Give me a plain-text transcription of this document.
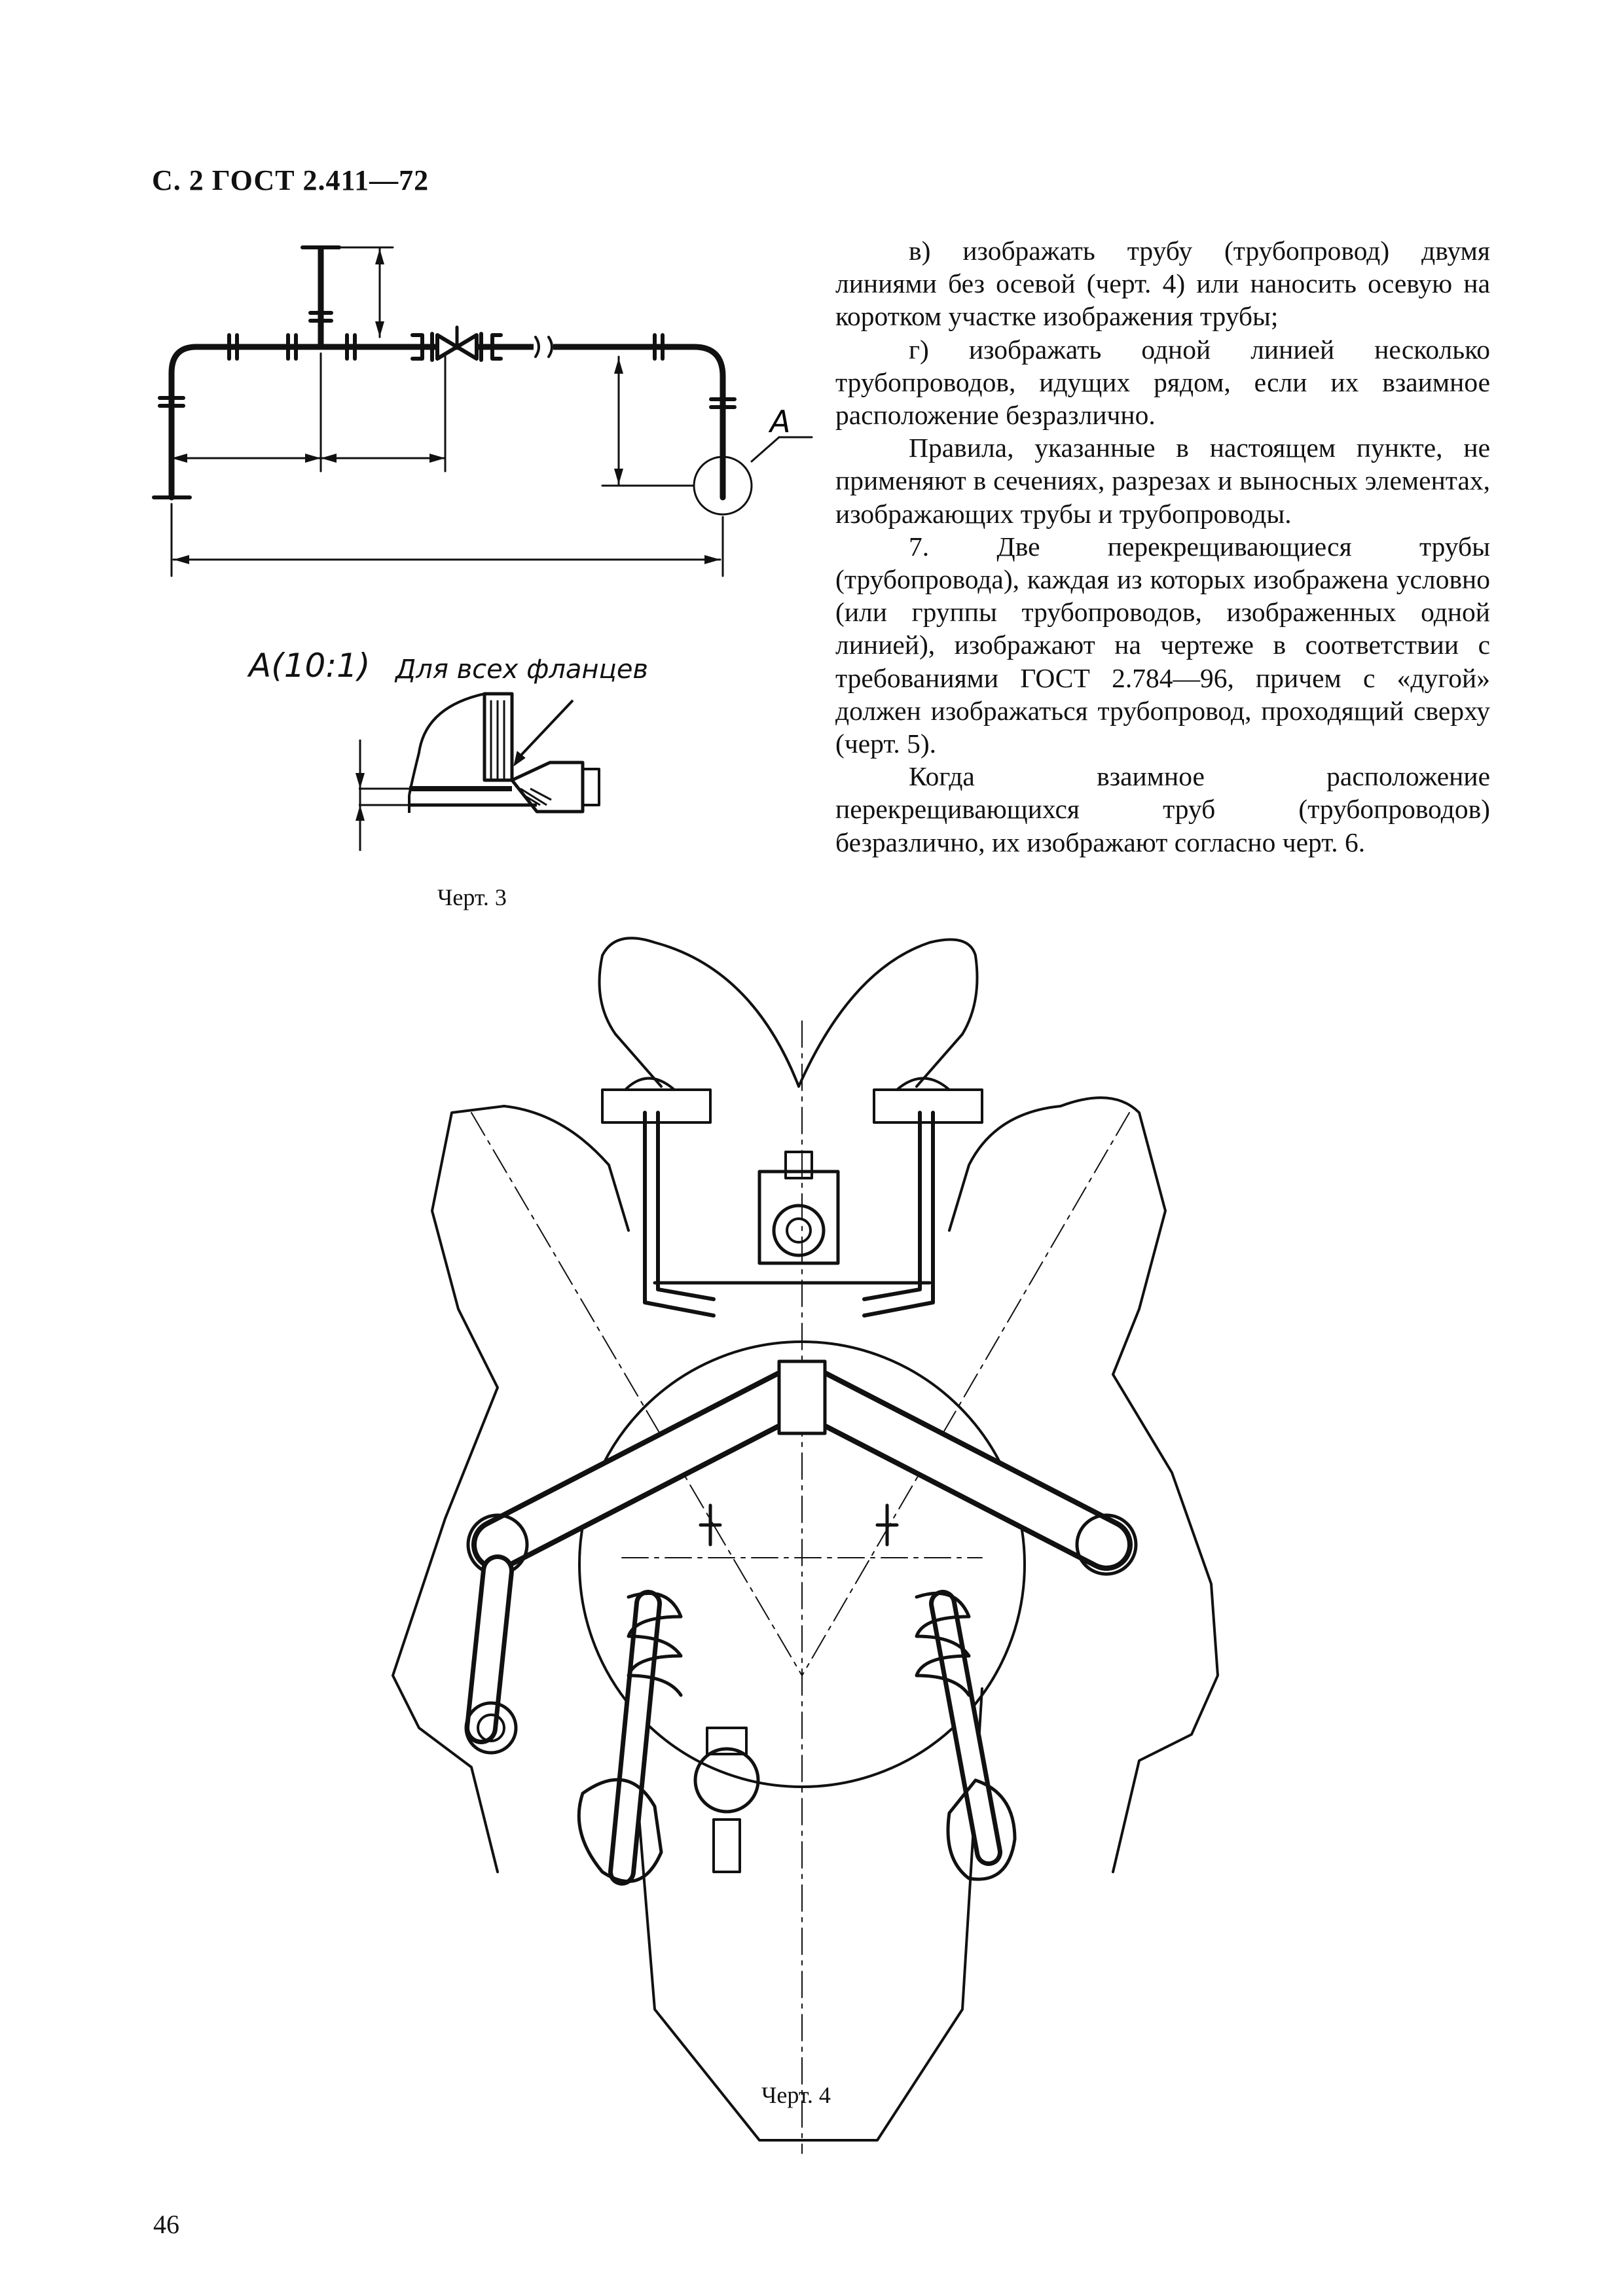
С. 2 ГОСТ 2.411—72

в) изображать трубу (трубопровод) двумя линиями без осевой (черт. 4) или наносить осевую на коротком участке изображения трубы;

г) изображать одной линией несколько трубопроводов, идущих рядом, если их взаимное расположение безразлично.

Правила, указанные в настоящем пункте, не применяют в сечениях, разрезах и выносных элементах, изображающих трубы и трубопроводы.

7. Две перекрещивающиеся трубы (трубопровода), каждая из которых изображена условно (или группы трубопроводов, изображенных одной линией), изображают на чертеже в соответствии с требованиями ГОСТ 2.784—96, причем с «дугой» должен изображаться трубопровод, проходящий сверху (черт. 5).

Когда взаимное расположение перекрещивающихся труб (трубопроводов) безразлично, их изображают согласно черт. 6.

А
А(10:1) Для всех фланцев
Черт. 3
Черт. 4
46
